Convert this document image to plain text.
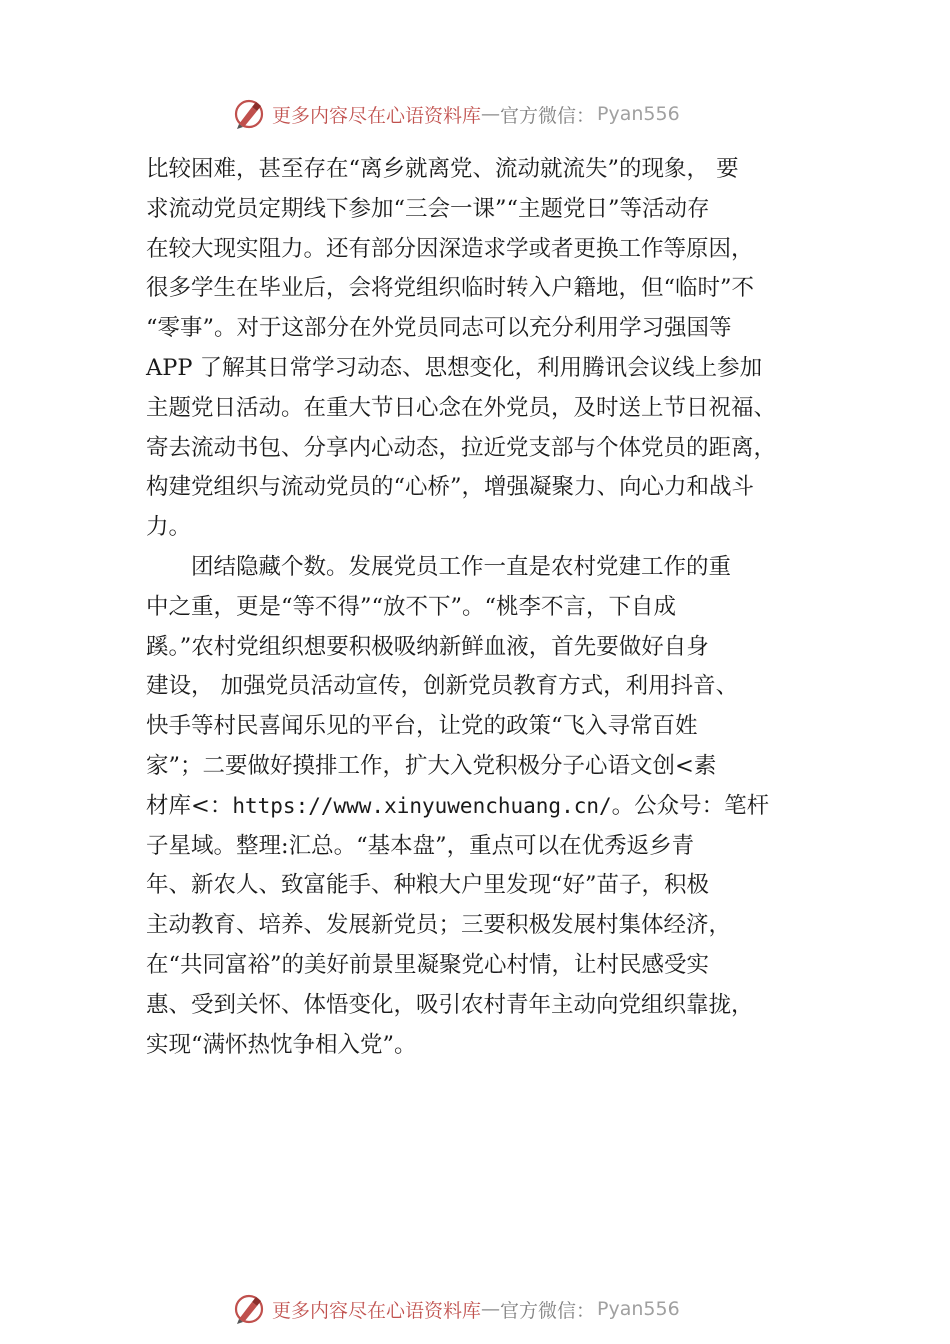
更多内容尽在心语资料库 — 官方微信： Pyan556
比较困难，甚至存在“离乡就离党、流动就流失”的现象， 要
求流动党员定期线下参加“三会一课”“主题党日”等活动存
在较大现实阻力。还有部分因深造求学或者更换工作等原因，
很多学生在毕业后，会将党组织临时转入户籍地，但“临时”不
“零事”。对于这部分在外党员同志可以充分利用学习强国等
APP 了解其日常学习动态、思想变化，利用腾讯会议线上参加
主题党日活动。在重大节日心念在外党员，及时送上节日祝福、
寄去流动书包、分享内心动态，拉近党支部与个体党员的距离，
构建党组织与流动党员的“心桥”，增强凝聚力、向心力和战斗
力。
　　团结隐藏个数。发展党员工作一直是农村党建工作的重
中之重，更是“等不得”“放不下”。“桃李不言，下自成
蹊。”农村党组织想要积极吸纳新鲜血液，首先要做好自身
建设， 加强党员活动宣传，创新党员教育方式，利用抖音、
快手等村民喜闻乐见的平台，让党的政策“飞入寻常百姓
家”；二要做好摸排工作，扩大入党积极分子心语文创<素
材库<：https://www.xinyuwenchuang.cn/。公众号：笔杆
子星域。整理:汇总。“基本盘”，重点可以在优秀返乡青
年、新农人、致富能手、种粮大户里发现“好”苗子，积极
主动教育、培养、发展新党员；三要积极发展村集体经济，
在“共同富裕”的美好前景里凝聚党心村情，让村民感受实
惠、受到关怀、体悟变化，吸引农村青年主动向党组织靠拢，
实现“满怀热忱争相入党”。
更多内容尽在心语资料库 — 官方微信： Pyan556
